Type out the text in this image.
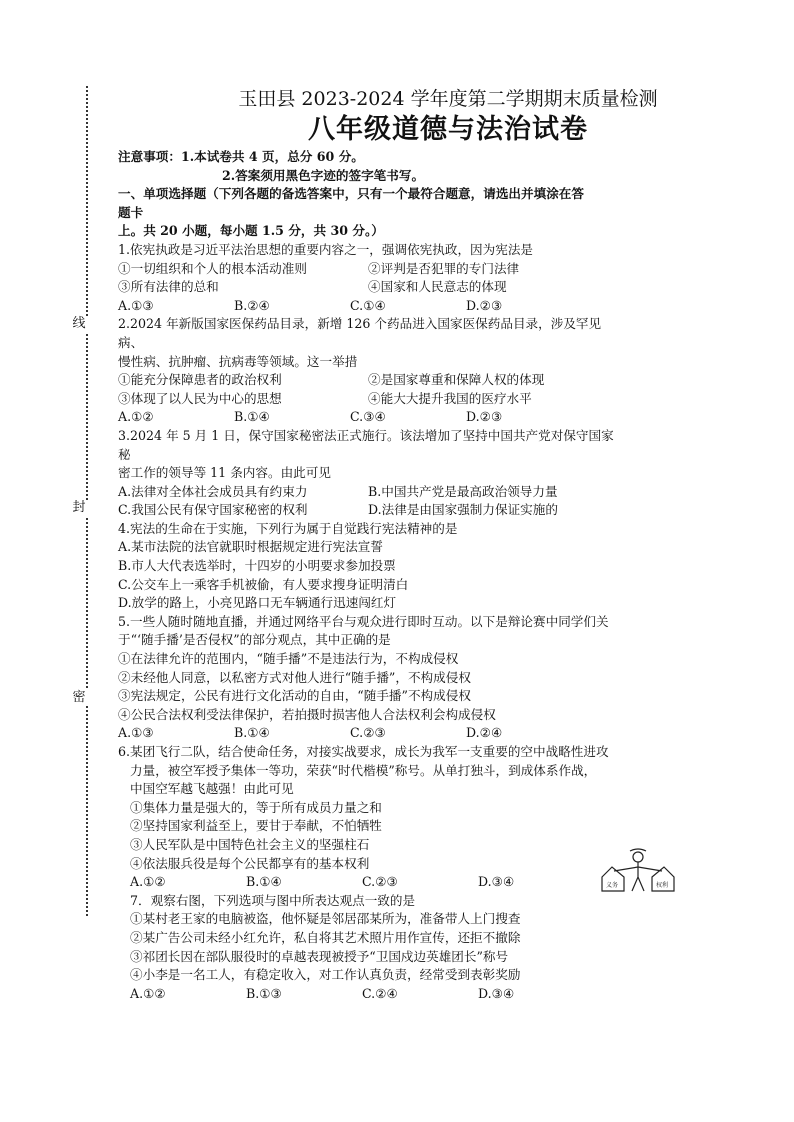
线
封
密
玉田县 2023-2024 学年度第二学期期末质量检测
八年级道德与法治试卷
注意事项：1.本试卷共 4 页，总分 60 分。
2.答案须用黑色字迹的签字笔书写。
一、单项选择题（下列各题的备选答案中，只有一个最符合题意，请选出并填涂在答题卡
上。共 20 小题，每小题 1.5 分，共 30 分。）
1.依宪执政是习近平法治思想的重要内容之一，强调依宪执政，因为宪法是
①一切组织和个人的根本活动准则	②评判是否犯罪的专门法律
③所有法律的总和	④国家和人民意志的体现
A.①③	B.②④	C.①④	D.②③
2.2024 年新版国家医保药品目录，新增 126 个药品进入国家医保药品目录，涉及罕见病、
慢性病、抗肿瘤、抗病毒等领域。这一举措
①能充分保障患者的政治权利	②是国家尊重和保障人权的体现
③体现了以人民为中心的思想	④能大大提升我国的医疗水平
A.①②	B.①④	C.③④	D.②③
3.2024 年 5 月 1 日，保守国家秘密法正式施行。该法增加了坚持中国共产党对保守国家秘
密工作的领导等 11 条内容。由此可见
A.法律对全体社会成员具有约束力	B.中国共产党是最高政治领导力量
C.我国公民有保守国家秘密的权利	D.法律是由国家强制力保证实施的
4.宪法的生命在于实施，下列行为属于自觉践行宪法精神的是
A.某市法院的法官就职时根据规定进行宪法宣誓
B.市人大代表选举时，十四岁的小明要求参加投票
C.公交车上一乘客手机被偷，有人要求搜身证明清白
D.放学的路上，小亮见路口无车辆通行迅速闯红灯
5.一些人随时随地直播，并通过网络平台与观众进行即时互动。以下是辩论赛中同学们关
于“‘随手播’是否侵权”的部分观点，其中正确的是
①在法律允许的范围内，“随手播”不是违法行为，不构成侵权
②未经他人同意，以私密方式对他人进行“随手播”，不构成侵权
③宪法规定，公民有进行文化活动的自由，“随手播”不构成侵权
④公民合法权利受法律保护，若拍摄时损害他人合法权利会构成侵权
A.①③	B.①④	C.②③	D.②④
6.某团飞行二队，结合使命任务，对接实战要求，成长为我军一支重要的空中战略性进攻
力量，被空军授予集体一等功，荣获“时代楷模”称号。从单打独斗，到成体系作战，
中国空军越飞越强！由此可见
①集体力量是强大的，等于所有成员力量之和
②坚持国家利益至上，要甘于奉献，不怕牺牲
③人民军队是中国特色社会主义的坚强柱石
④依法服兵役是每个公民都享有的基本权利
A.①②	B.①④	C.②③	D.③④
7．观察右图，下列选项与图中所表达观点一致的是
①某村老王家的电脑被盗，他怀疑是邻居邵某所为，准备带人上门搜查
②某广告公司未经小红允许，私自将其艺术照片用作宣传，还拒不撤除
③祁团长因在部队服役时的卓越表现被授予“卫国戍边英雄团长”称号
④小李是一名工人，有稳定收入，对工作认真负责，经常受到表彰奖励
A.①②	B.①③	C.②④	D.③④
义务	权利
